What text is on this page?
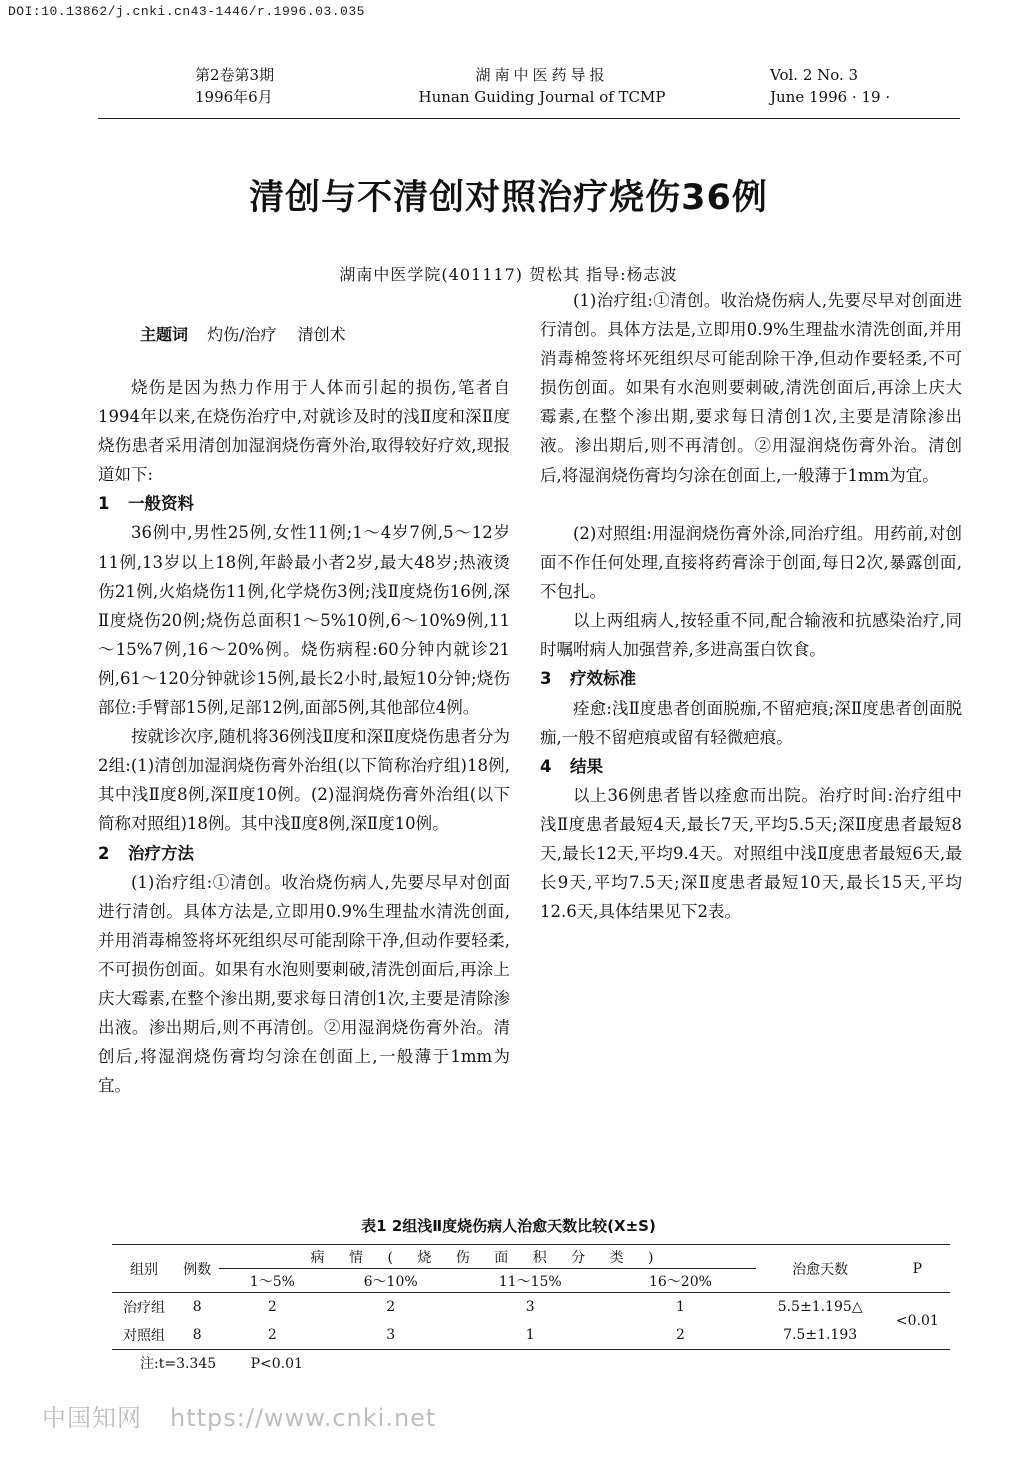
DOI:10.13862/j.cnki.cn43-1446/r.1996.03.035
第2卷第3期
1996年6月
湖南中医药导报
Hunan Guiding Journal of TCMP
Vol. 2 No. 3
June 1996 · 19 ·
清创与不清创对照治疗烧伤36例
湖南中医学院(401117) 贺松其 指导:杨志波
主题词 灼伤/治疗 清创术

烧伤是因为热力作用于人体而引起的损伤,笔者自1994年以来,在烧伤治疗中,对就诊及时的浅Ⅱ度和深Ⅱ度烧伤患者采用清创加湿润烧伤膏外治,取得较好疗效,现报道如下:

1 一般资料

36例中,男性25例,女性11例;1～4岁7例,5～12岁11例,13岁以上18例,年龄最小者2岁,最大48岁;热液烫伤21例,火焰烧伤11例,化学烧伤3例;浅Ⅱ度烧伤16例,深Ⅱ度烧伤20例;烧伤总面积1～5%10例,6～10%9例,11～15%7例,16～20%例。烧伤病程:60分钟内就诊21例,61～120分钟就诊15例,最长2小时,最短10分钟;烧伤部位:手臂部15例,足部12例,面部5例,其他部位4例。

按就诊次序,随机将36例浅Ⅱ度和深Ⅱ度烧伤患者分为2组:(1)清创加湿润烧伤膏外治组(以下简称治疗组)18例,其中浅Ⅱ度8例,深Ⅱ度10例。(2)湿润烧伤膏外治组(以下简称对照组)18例。其中浅Ⅱ度8例,深Ⅱ度10例。

2 治疗方法

(1)治疗组:①清创。收治烧伤病人,先要尽早对创面进行清创。具体方法是,立即用0.9%生理盐水清洗创面,并用消毒棉签将坏死组织尽可能刮除干净,但动作要轻柔,不可损伤创面。如果有水泡则要刺破,清洗创面后,再涂上庆大霉素,在整个渗出期,要求每日清创1次,主要是清除渗出液。渗出期后,则不再清创。②用湿润烧伤膏外治。清创后,将湿润烧伤膏均匀涂在创面上,一般薄于1mm为宜。

(1)治疗组:①清创。收治烧伤病人,先要尽早对创面进行清创。具体方法是,立即用0.9%生理盐水清洗创面,并用消毒棉签将坏死组织尽可能刮除干净,但动作要轻柔,不可损伤创面。如果有水泡则要刺破,清洗创面后,再涂上庆大霉素,在整个渗出期,要求每日清创1次,主要是清除渗出液。渗出期后,则不再清创。②用湿润烧伤膏外治。清创后,将湿润烧伤膏均匀涂在创面上,一般薄于1mm为宜。

(2)对照组:用湿润烧伤膏外涂,同治疗组。用药前,对创面不作任何处理,直接将药膏涂于创面,每日2次,暴露创面,不包扎。

以上两组病人,按轻重不同,配合输液和抗感染治疗,同时嘱咐病人加强营养,多进高蛋白饮食。

3 疗效标准

痊愈:浅Ⅱ度患者创面脱痂,不留疤痕;深Ⅱ度患者创面脱痂,一般不留疤痕或留有轻微疤痕。

4 结果

以上36例患者皆以痊愈而出院。治疗时间:治疗组中浅Ⅱ度患者最短4天,最长7天,平均5.5天;深Ⅱ度患者最短8天,最长12天,平均9.4天。对照组中浅Ⅱ度患者最短6天,最长9天,平均7.5天;深Ⅱ度患者最短10天,最长15天,平均12.6天,具体结果见下2表。

表1 2组浅Ⅱ度烧伤病人治愈天数比较(X±S)
组别	例数	病 情 ( 烧 伤 面 积 分 类 )				治愈天数	P
		1～5%	6～10%	11～15%	16～20%		
治疗组	8	2	2	3	1	5.5±1.195△	<0.01
对照组	8	2	3	1	2	7.5±1.193	
注:t=3.345 P<0.01
中国知网 https://www.cnki.net
